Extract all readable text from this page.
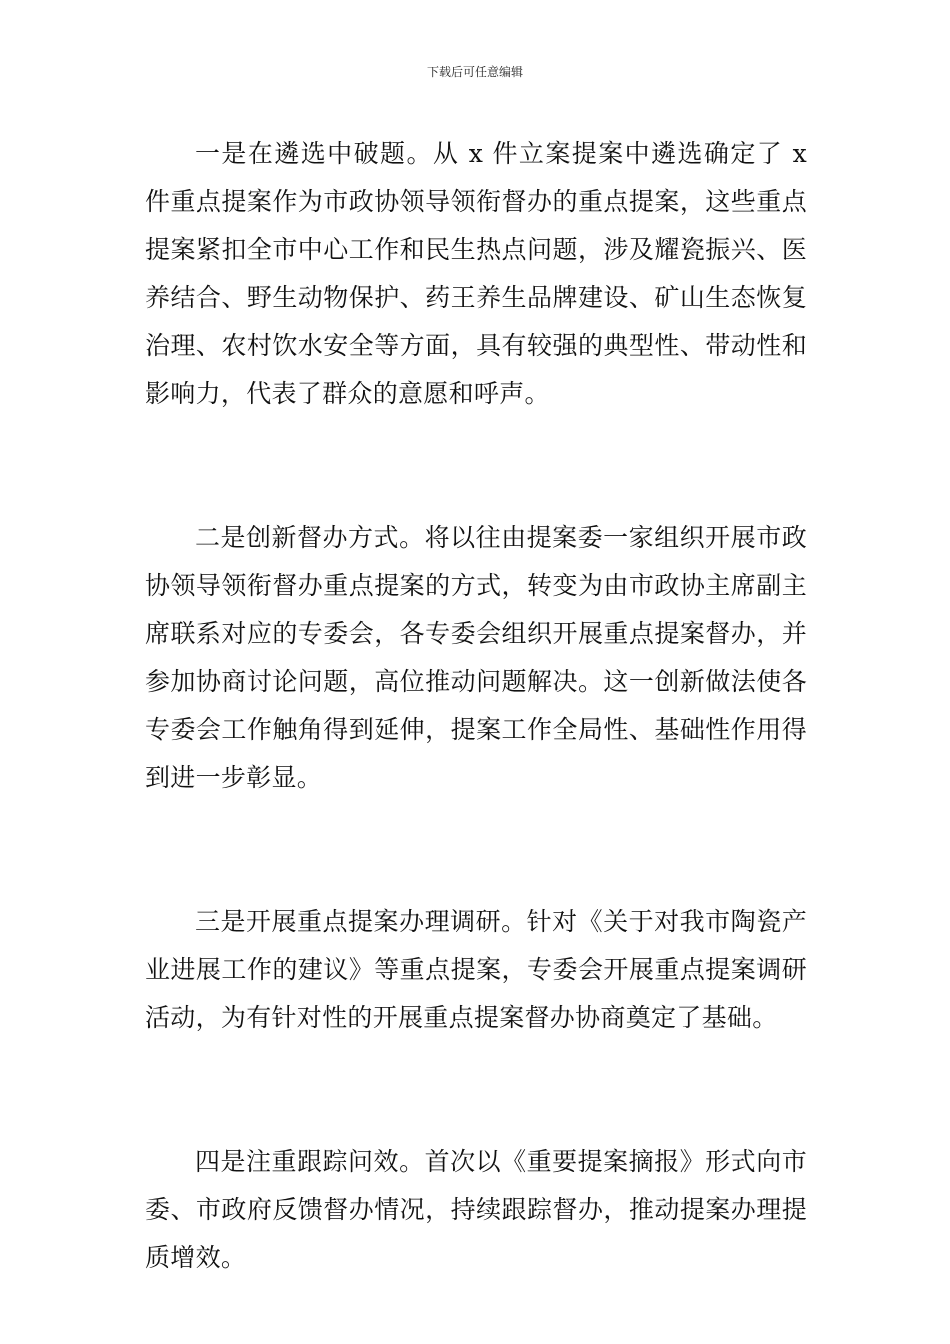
下载后可任意编辑

一是在遴选中破题。从 x 件立案提案中遴选确定了 x 件重点提案作为市政协领导领衔督办的重点提案，这些重点提案紧扣全市中心工作和民生热点问题，涉及耀瓷振兴、医养结合、野生动物保护、药王养生品牌建设、矿山生态恢复治理、农村饮水安全等方面，具有较强的典型性、带动性和影响力，代表了群众的意愿和呼声。

二是创新督办方式。将以往由提案委一家组织开展市政协领导领衔督办重点提案的方式，转变为由市政协主席副主席联系对应的专委会，各专委会组织开展重点提案督办，并参加协商讨论问题，高位推动问题解决。这一创新做法使各专委会工作触角得到延伸，提案工作全局性、基础性作用得到进一步彰显。

三是开展重点提案办理调研。针对《关于对我市陶瓷产业进展工作的建议》等重点提案，专委会开展重点提案调研活动，为有针对性的开展重点提案督办协商奠定了基础。

四是注重跟踪问效。首次以《重要提案摘报》形式向市委、市政府反馈督办情况，持续跟踪督办，推动提案办理提质增效。
